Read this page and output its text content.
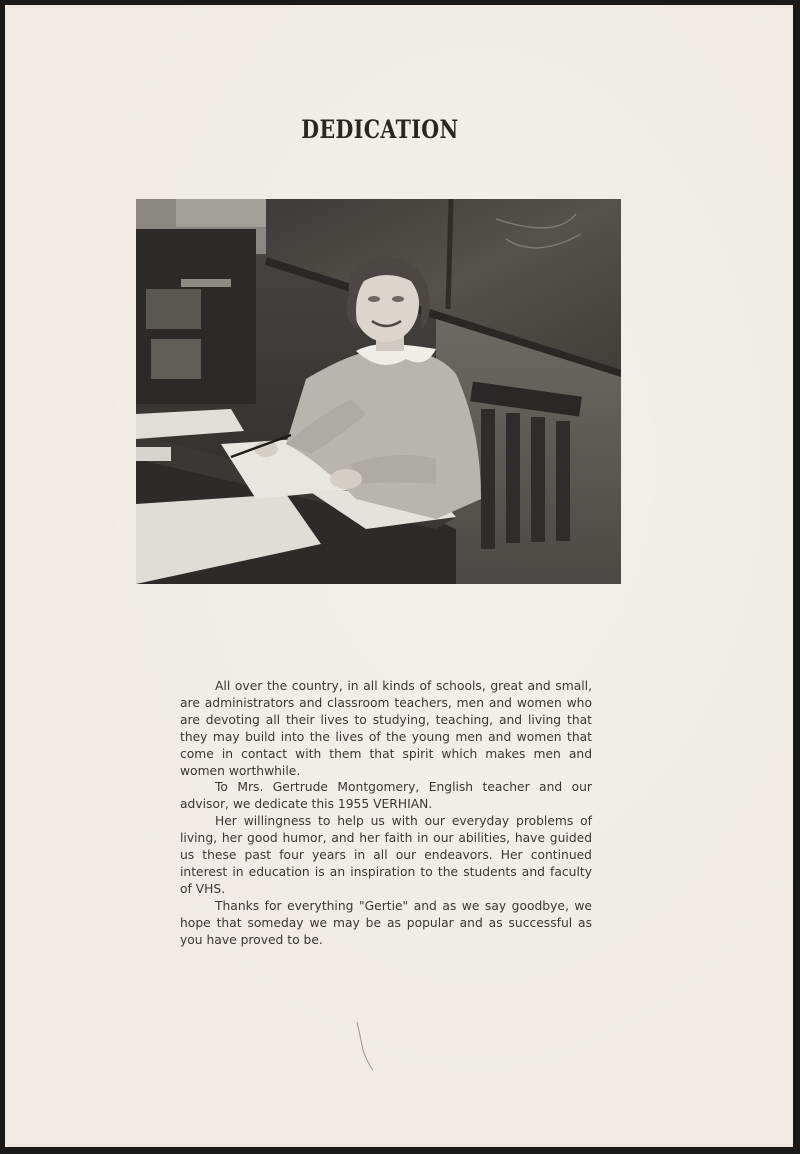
DEDICATION

All over the country, in all kinds of schools, great and small, are administrators and classroom teachers, men and women who are devoting all their lives to studying, teaching, and living that they may build into the lives of the young men and women that come in contact with them that spirit which makes men and women worthwhile.

To Mrs. Gertrude Montgomery, English teacher and our advisor, we dedicate this 1955 VERHIAN.

Her willingness to help us with our everyday problems of living, her good humor, and her faith in our abilities, have guided us these past four years in all our endeavors. Her continued interest in education is an inspiration to the students and faculty of VHS.

Thanks for everything "Gertie" and as we say goodbye, we hope that someday we may be as popular and as successful as you have proved to be.
